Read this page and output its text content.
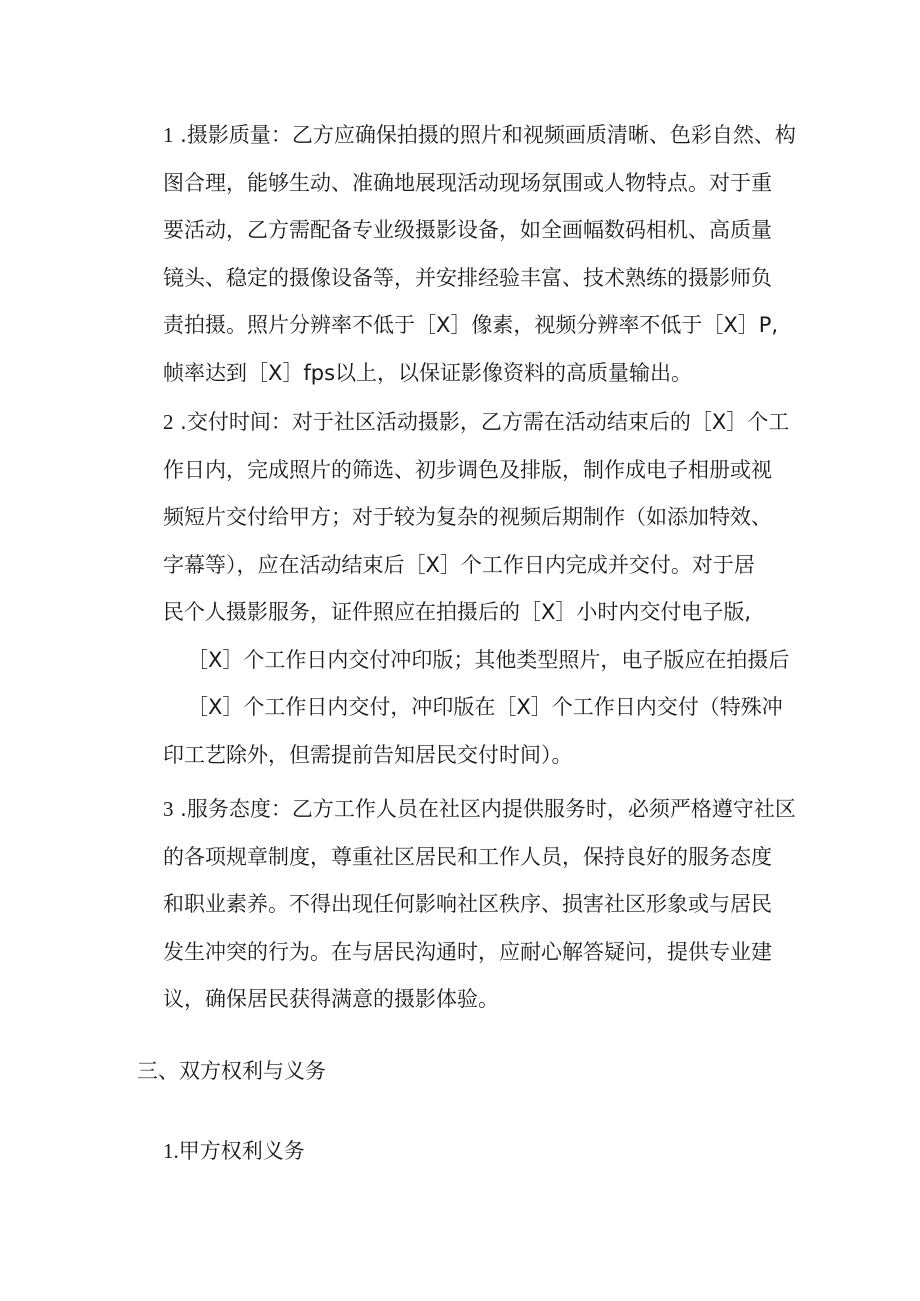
1 .摄影质量：乙方应确保拍摄的照片和视频画质清晰、色彩自然、构
图合理，能够生动、准确地展现活动现场氛围或人物特点。对于重
要活动，乙方需配备专业级摄影设备，如全画幅数码相机、高质量
镜头、稳定的摄像设备等，并安排经验丰富、技术熟练的摄影师负
责拍摄。照片分辨率不低于［X］像素，视频分辨率不低于［X］P,
帧率达到［X］fps以上，以保证影像资料的高质量输出。
2 .交付时间：对于社区活动摄影，乙方需在活动结束后的［X］个工
作日内，完成照片的筛选、初步调色及排版，制作成电子相册或视
频短片交付给甲方；对于较为复杂的视频后期制作（如添加特效、
字幕等），应在活动结束后［X］个工作日内完成并交付。对于居
民个人摄影服务，证件照应在拍摄后的［X］小时内交付电子版,
［X］个工作日内交付冲印版；其他类型照片，电子版应在拍摄后
［X］个工作日内交付，冲印版在［X］个工作日内交付（特殊冲
印工艺除外，但需提前告知居民交付时间）。
3 .服务态度：乙方工作人员在社区内提供服务时，必须严格遵守社区
的各项规章制度，尊重社区居民和工作人员，保持良好的服务态度
和职业素养。不得出现任何影响社区秩序、损害社区形象或与居民
发生冲突的行为。在与居民沟通时，应耐心解答疑问，提供专业建
议，确保居民获得满意的摄影体验。
三、双方权利与义务
1.甲方权利义务
